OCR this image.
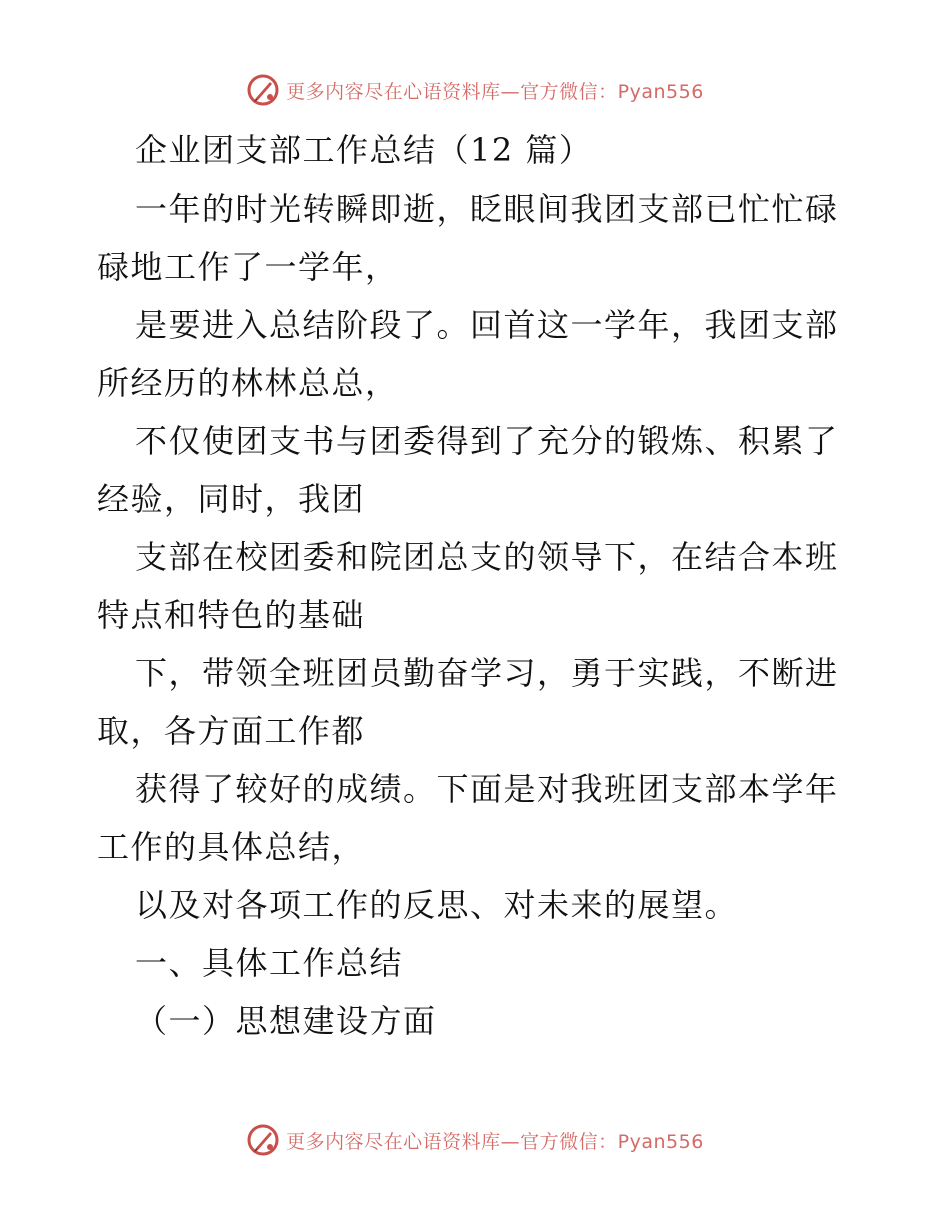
更多内容尽在心语资料库—官方微信：Pyan556
企业团支部工作总结（12 篇）
一年的时光转瞬即逝，眨眼间我团支部已忙忙碌
碌地工作了一学年，
是要进入总结阶段了。回首这一学年，我团支部
所经历的林林总总，
不仅使团支书与团委得到了充分的锻炼、积累了
经验，同时，我团
支部在校团委和院团总支的领导下，在结合本班
特点和特色的基础
下，带领全班团员勤奋学习，勇于实践，不断进
取，各方面工作都
获得了较好的成绩。下面是对我班团支部本学年
工作的具体总结，
以及对各项工作的反思、对未来的展望。
一、具体工作总结
（一）思想建设方面
更多内容尽在心语资料库—官方微信：Pyan556
